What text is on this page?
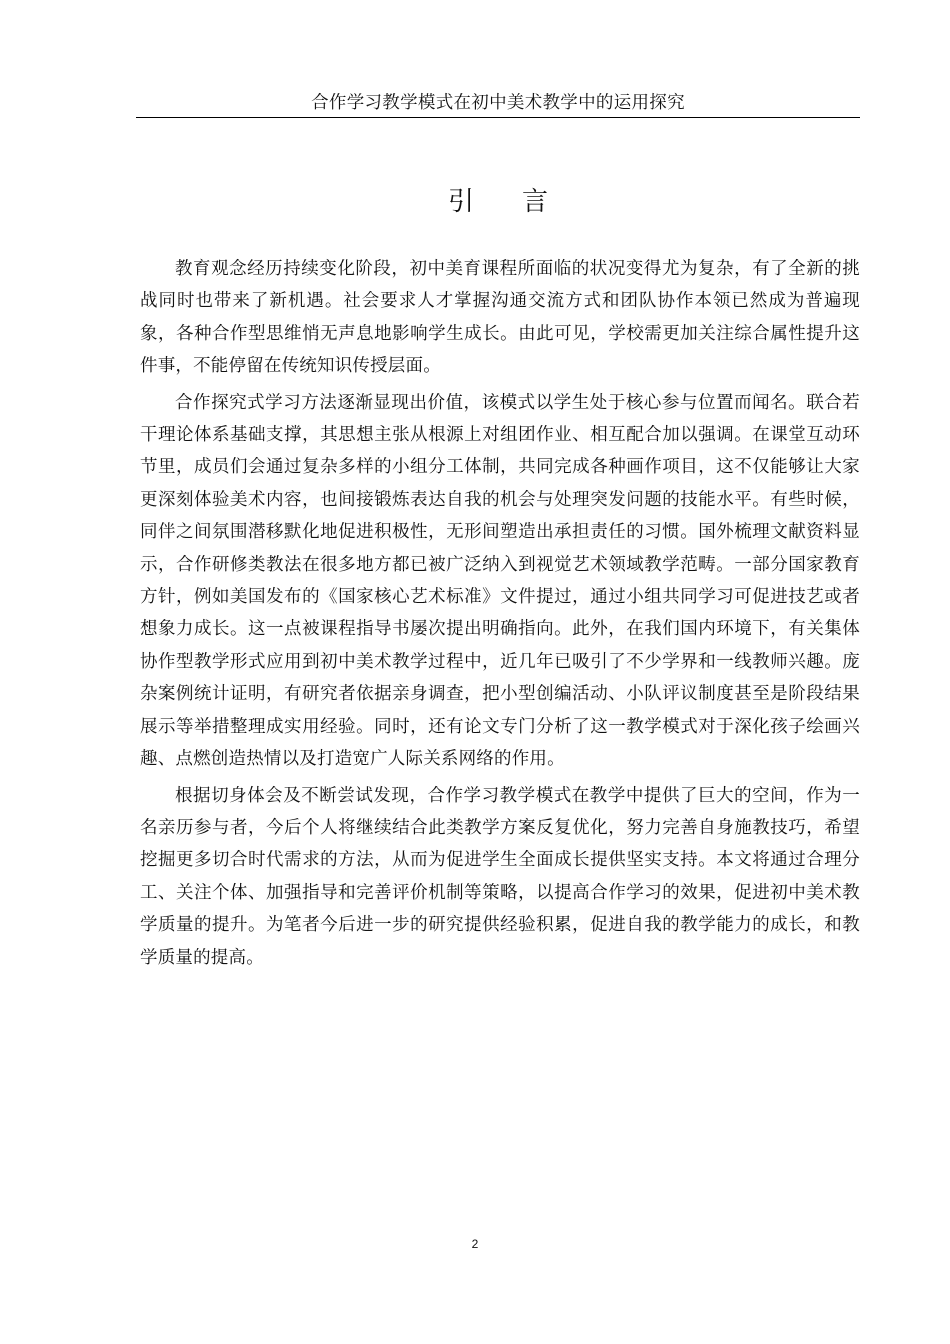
合作学习教学模式在初中美术教学中的运用探究
引 言

教育观念经历持续变化阶段，初中美育课程所面临的状况变得尤为复杂，有了全新的挑战同时也带来了新机遇。社会要求人才掌握沟通交流方式和团队协作本领已然成为普遍现象，各种合作型思维悄无声息地影响学生成长。由此可见，学校需更加关注综合属性提升这件事，不能停留在传统知识传授层面。

合作探究式学习方法逐渐显现出价值，该模式以学生处于核心参与位置而闻名。联合若干理论体系基础支撑，其思想主张从根源上对组团作业、相互配合加以强调。在课堂互动环节里，成员们会通过复杂多样的小组分工体制，共同完成各种画作项目，这不仅能够让大家更深刻体验美术内容，也间接锻炼表达自我的机会与处理突发问题的技能水平。有些时候，同伴之间氛围潜移默化地促进积极性，无形间塑造出承担责任的习惯。国外梳理文献资料显示，合作研修类教法在很多地方都已被广泛纳入到视觉艺术领域教学范畴。一部分国家教育方针，例如美国发布的《国家核心艺术标准》文件提过，通过小组共同学习可促进技艺或者想象力成长。这一点被课程指导书屡次提出明确指向。此外，在我们国内环境下，有关集体协作型教学形式应用到初中美术教学过程中，近几年已吸引了不少学界和一线教师兴趣。庞杂案例统计证明，有研究者依据亲身调查，把小型创编活动、小队评议制度甚至是阶段结果展示等举措整理成实用经验。同时，还有论文专门分析了这一教学模式对于深化孩子绘画兴趣、点燃创造热情以及打造宽广人际关系网络的作用。

根据切身体会及不断尝试发现，合作学习教学模式在教学中提供了巨大的空间，作为一名亲历参与者，今后个人将继续结合此类教学方案反复优化，努力完善自身施教技巧，希望挖掘更多切合时代需求的方法，从而为促进学生全面成长提供坚实支持。本文将通过合理分工、关注个体、加强指导和完善评价机制等策略，以提高合作学习的效果，促进初中美术教学质量的提升。为笔者今后进一步的研究提供经验积累，促进自我的教学能力的成长，和教学质量的提高。

2
